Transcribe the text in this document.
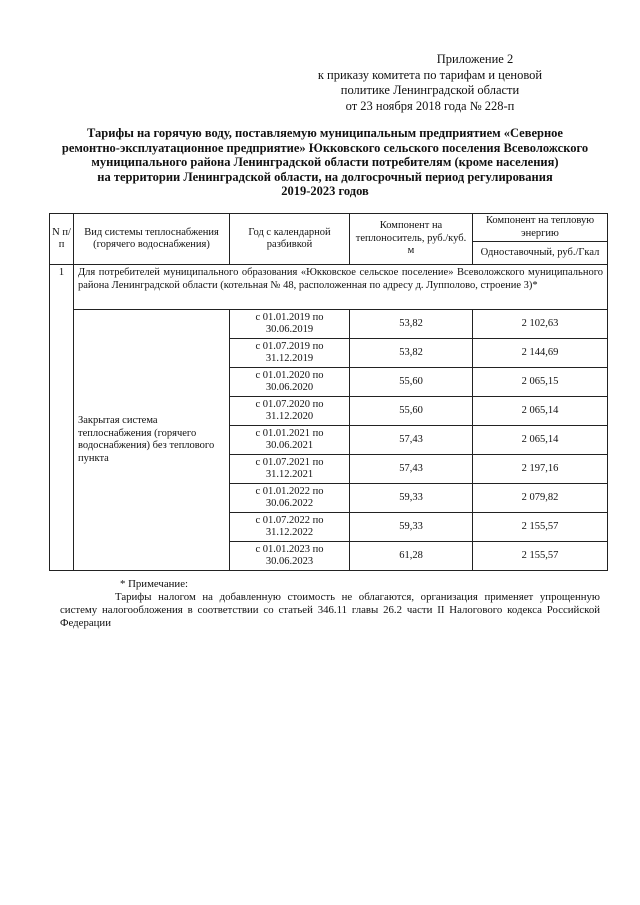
Приложение 2
к приказу комитета по тарифам и ценовой
политике Ленинградской области
от 23 ноября 2018 года № 228-п
Тарифы на горячую воду, поставляемую муниципальным предприятием «Северное
ремонтно-эксплуатационное предприятие» Юкковского сельского поселения Всеволожского
муниципального района Ленинградской области потребителям (кроме населения)
на территории Ленинградской области, на долгосрочный период регулирования
2019-2023 годов
N п/п	Вид системы теплоснабжения (горячего водоснабжения)	Год с календарной разбивкой	Компонент на теплоноситель, руб./куб. м	Компонент на тепловую энергию
				Одноставочный, руб./Гкал
1	Для потребителей муниципального образования «Юкковское сельское поселение» Всеволожского муниципального района Ленинградской области (котельная № 48, расположенная по адресу д. Лупполово, строение 3)*			
	Закрытая система теплоснабжения (горячего водоснабжения) без теплового пункта	с 01.01.2019 по 30.06.2019	53,82	2 102,63
		с 01.07.2019 по 31.12.2019	53,82	2 144,69
		с 01.01.2020 по 30.06.2020	55,60	2 065,15
		с 01.07.2020 по 31.12.2020	55,60	2 065,14
		с 01.01.2021 по 30.06.2021	57,43	2 065,14
		с 01.07.2021 по 31.12.2021	57,43	2 197,16
		с 01.01.2022 по 30.06.2022	59,33	2 079,82
		с 01.07.2022 по 31.12.2022	59,33	2 155,57
		с 01.01.2023 по 30.06.2023	61,28	2 155,57
* Примечание:
Тарифы налогом на добавленную стоимость не облагаются, организация применяет упрощенную систему налогообложения в соответствии со статьей 346.11 главы 26.2 части II Налогового кодекса Российской Федерации
